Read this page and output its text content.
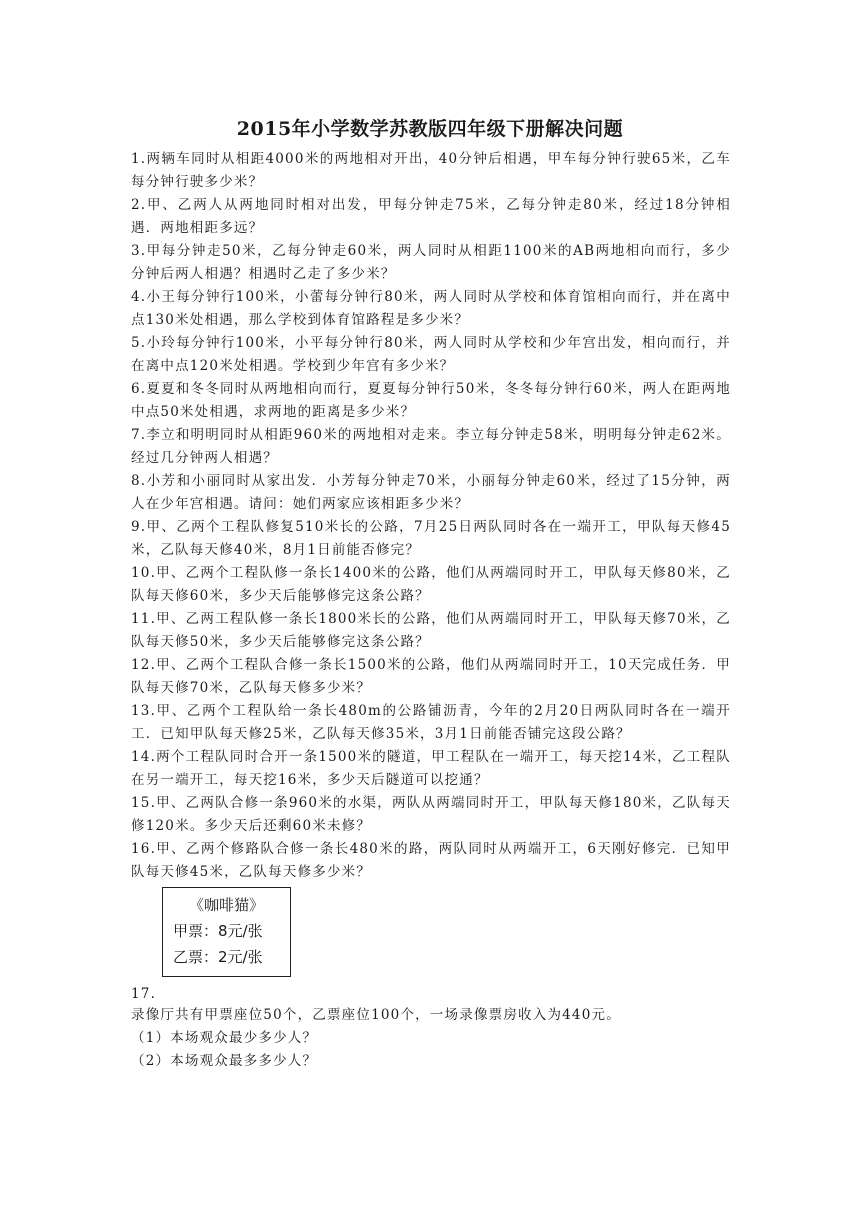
2015年小学数学苏教版四年级下册解决问题

1.两辆车同时从相距4000米的两地相对开出，40分钟后相遇，甲车每分钟行驶65米，乙车每分钟行驶多少米？

2.甲、乙两人从两地同时相对出发，甲每分钟走75米，乙每分钟走80米，经过18分钟相遇．两地相距多远？

3.甲每分钟走50米，乙每分钟走60米，两人同时从相距1100米的AB两地相向而行，多少分钟后两人相遇？相遇时乙走了多少米？

4.小王每分钟行100米，小蕾每分钟行80米，两人同时从学校和体育馆相向而行，并在离中点130米处相遇，那么学校到体育馆路程是多少米？

5.小玲每分钟行100米，小平每分钟行80米，两人同时从学校和少年宫出发，相向而行，并在离中点120米处相遇。学校到少年宫有多少米？

6.夏夏和冬冬同时从两地相向而行，夏夏每分钟行50米，冬冬每分钟行60米，两人在距两地中点50米处相遇，求两地的距离是多少米？

7.李立和明明同时从相距960米的两地相对走来。李立每分钟走58米，明明每分钟走62米。经过几分钟两人相遇？

8.小芳和小丽同时从家出发．小芳每分钟走70米，小丽每分钟走60米，经过了15分钟，两人在少年宫相遇。请问：她们两家应该相距多少米？

9.甲、乙两个工程队修复510米长的公路，7月25日两队同时各在一端开工，甲队每天修45米，乙队每天修40米，8月1日前能否修完？

10.甲、乙两个工程队修一条长1400米的公路，他们从两端同时开工，甲队每天修80米，乙队每天修60米，多少天后能够修完这条公路？

11.甲、乙两工程队修一条长1800米长的公路，他们从两端同时开工，甲队每天修70米，乙队每天修50米，多少天后能够修完这条公路？

12.甲、乙两个工程队合修一条长1500米的公路，他们从两端同时开工，10天完成任务．甲队每天修70米，乙队每天修多少米？

13.甲、乙两个工程队给一条长480m的公路铺沥青，今年的2月20日两队同时各在一端开工．已知甲队每天修25米，乙队每天修35米，3月1日前能否铺完这段公路？

14.两个工程队同时合开一条1500米的隧道，甲工程队在一端开工，每天挖14米，乙工程队在另一端开工，每天挖16米，多少天后隧道可以挖通？

15.甲、乙两队合修一条960米的水渠，两队从两端同时开工，甲队每天修180米，乙队每天修120米。多少天后还剩60米未修？

16.甲、乙两个修路队合修一条长480米的路，两队同时从两端开工，6天刚好修完．已知甲队每天修45米，乙队每天修多少米？

17.
《咖啡猫》
甲票：8元/张
乙票：2元/张

录像厅共有甲票座位50个，乙票座位100个，一场录像票房收入为440元。

（1）本场观众最少多少人？

（2）本场观众最多多少人？
